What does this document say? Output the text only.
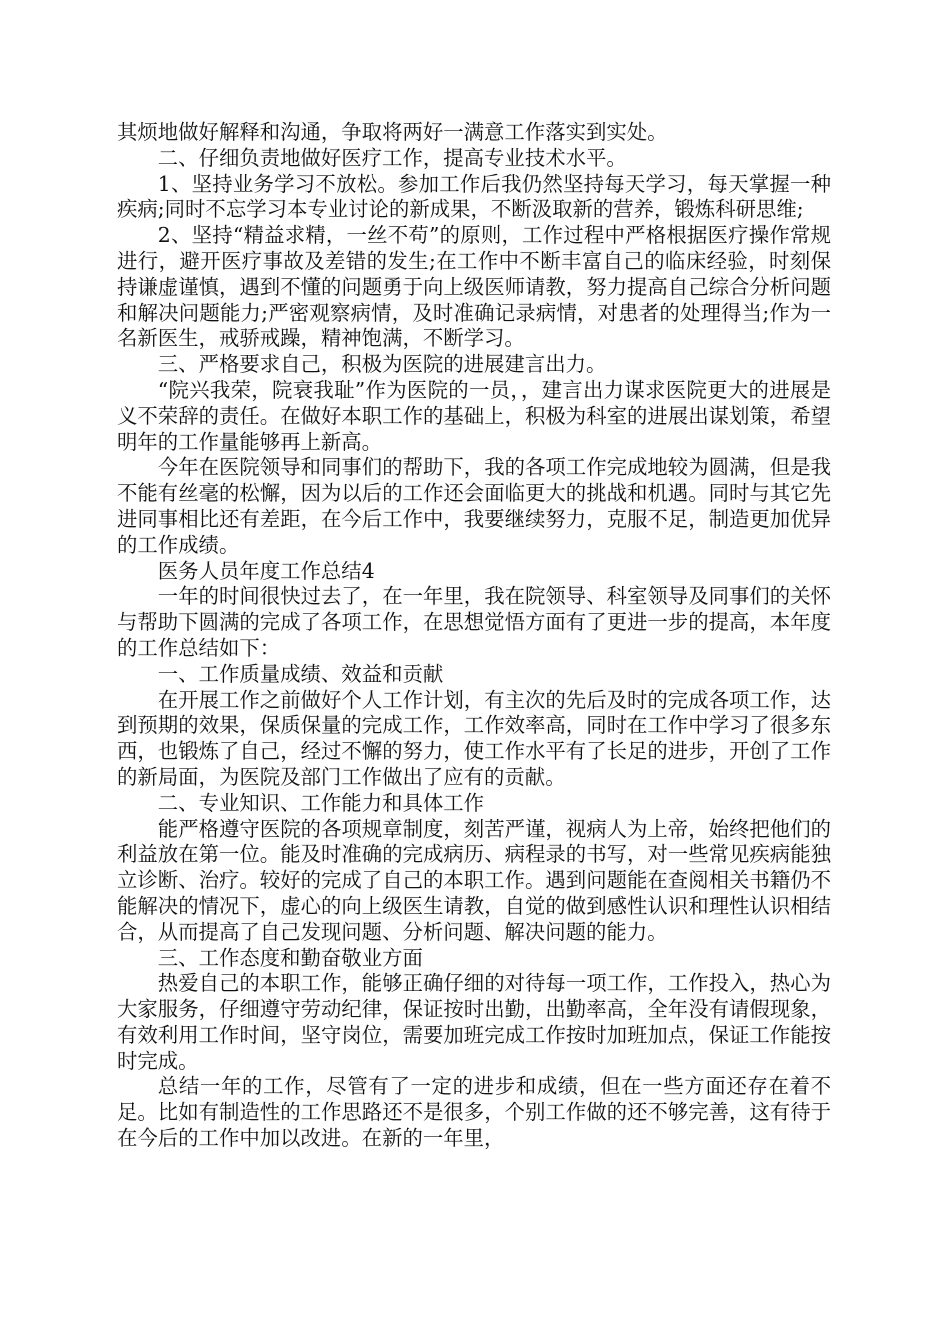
其烦地做好解释和沟通，争取将两好一满意工作落实到实处。

二、仔细负责地做好医疗工作，提高专业技术水平。

1、坚持业务学习不放松。参加工作后我仍然坚持每天学习，每天掌握一种疾病;同时不忘学习本专业讨论的新成果，不断汲取新的营养，锻炼科研思维;

2、坚持“精益求精，一丝不苟”的原则，工作过程中严格根据医疗操作常规进行，避开医疗事故及差错的发生;在工作中不断丰富自己的临床经验，时刻保持谦虚谨慎，遇到不懂的问题勇于向上级医师请教，努力提高自己综合分析问题和解决问题能力;严密观察病情，及时准确记录病情，对患者的处理得当;作为一名新医生，戒骄戒躁，精神饱满，不断学习。

三、严格要求自己，积极为医院的进展建言出力。

“院兴我荣，院衰我耻”作为医院的一员，，建言出力谋求医院更大的进展是义不荣辞的责任。在做好本职工作的基础上，积极为科室的进展出谋划策，希望明年的工作量能够再上新高。

今年在医院领导和同事们的帮助下，我的各项工作完成地较为圆满，但是我不能有丝毫的松懈，因为以后的工作还会面临更大的挑战和机遇。同时与其它先进同事相比还有差距，在今后工作中，我要继续努力，克服不足，制造更加优异的工作成绩。

医务人员年度工作总结4

一年的时间很快过去了，在一年里，我在院领导、科室领导及同事们的关怀与帮助下圆满的完成了各项工作，在思想觉悟方面有了更进一步的提高，本年度的工作总结如下：

一、工作质量成绩、效益和贡献

在开展工作之前做好个人工作计划，有主次的先后及时的完成各项工作，达到预期的效果，保质保量的完成工作，工作效率高，同时在工作中学习了很多东西，也锻炼了自己，经过不懈的努力，使工作水平有了长足的进步，开创了工作的新局面，为医院及部门工作做出了应有的贡献。

二、专业知识、工作能力和具体工作

能严格遵守医院的各项规章制度，刻苦严谨，视病人为上帝，始终把他们的利益放在第一位。能及时准确的完成病历、病程录的书写，对一些常见疾病能独立诊断、治疗。较好的完成了自己的本职工作。遇到问题能在查阅相关书籍仍不能解决的情况下，虚心的向上级医生请教，自觉的做到感性认识和理性认识相结合，从而提高了自己发现问题、分析问题、解决问题的能力。

三、工作态度和勤奋敬业方面

热爱自己的本职工作，能够正确仔细的对待每一项工作，工作投入，热心为大家服务，仔细遵守劳动纪律，保证按时出勤，出勤率高，全年没有请假现象，有效利用工作时间，坚守岗位，需要加班完成工作按时加班加点，保证工作能按时完成。

总结一年的工作，尽管有了一定的进步和成绩，但在一些方面还存在着不足。比如有制造性的工作思路还不是很多，个别工作做的还不够完善，这有待于在今后的工作中加以改进。在新的一年里，
